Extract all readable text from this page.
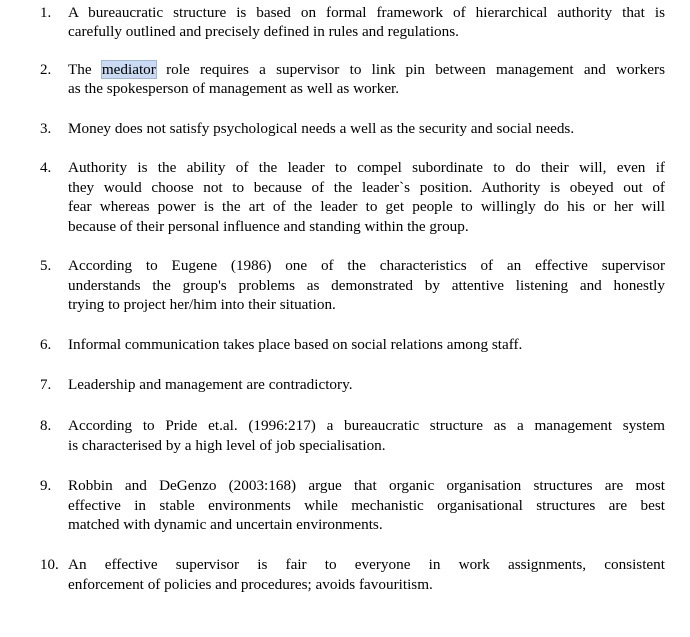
1.	A bureaucratic structure is based on formal framework of hierarchical authority that is
carefully outlined and precisely defined in rules and regulations.
2.	The mediator role requires a supervisor to link pin between management and workers
as the spokesperson of management as well as worker.
3.	Money does not satisfy psychological needs a well as the security and social needs.
4.	Authority is the ability of the leader to compel subordinate to do their will, even if
they would choose not to because of the leader`s position. Authority is obeyed out of
fear whereas power is the art of the leader to get people to willingly do his or her will
because of their personal influence and standing within the group.
5.	According to Eugene (1986) one of the characteristics of an effective supervisor
understands the group's problems as demonstrated by attentive listening and honestly
trying to project her/him into their situation.
6.	Informal communication takes place based on social relations among staff.
7.	Leadership and management are contradictory.
8.	According to Pride et.al. (1996:217) a bureaucratic structure as a management system
is characterised by a high level of job specialisation.
9.	Robbin and DeGenzo (2003:168) argue that organic organisation structures are most
effective in stable environments while mechanistic organisational structures are best
matched with dynamic and uncertain environments.
10. An effective supervisor is fair to everyone in work assignments, consistent
enforcement of policies and procedures; avoids favouritism.
